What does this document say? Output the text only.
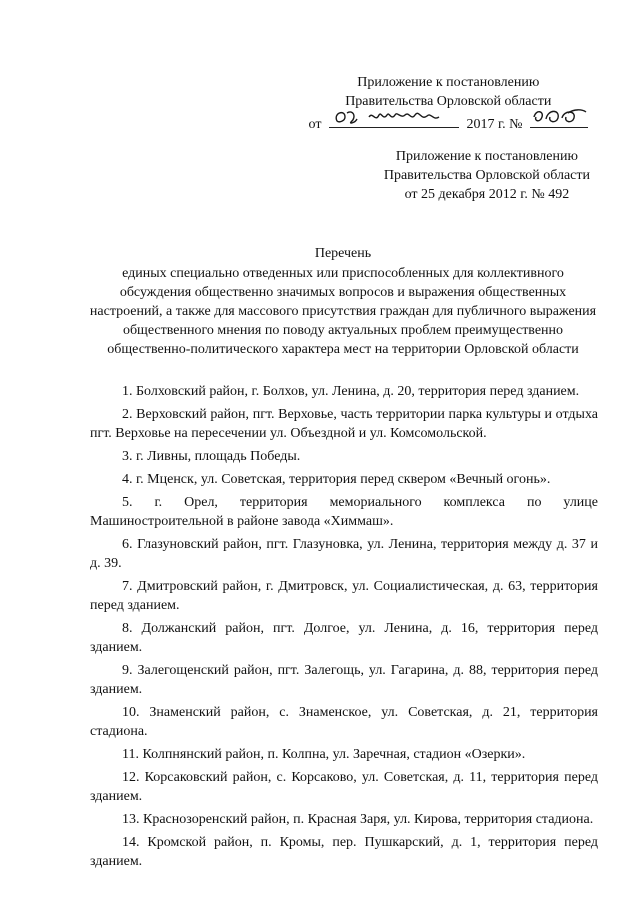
Приложение к постановлению
Правительства Орловской области
от	2017 г. №
Приложение к постановлению
Правительства Орловской области
от 25 декабря 2012 г. № 492
Перечень
единых специально отведенных или приспособленных для коллективного обсуждения общественно значимых вопросов и выражения общественных настроений, а также для массового присутствия граждан для публичного выражения общественного мнения по поводу актуальных проблем преимущественно общественно-политического характера мест на территории Орловской области

1. Болховский район, г. Болхов, ул. Ленина, д. 20, территория перед зданием.

2. Верховский район, пгт. Верховье, часть территории парка культуры и отдыха пгт. Верховье на пересечении ул. Объездной и ул. Комсомольской.

3. г. Ливны, площадь Победы.

4. г. Мценск, ул. Советская, территория перед сквером «Вечный огонь».

5. г. Орел, территория мемориального комплекса по улице Машиностроительной в районе завода «Химмаш».

6. Глазуновский район, пгт. Глазуновка, ул. Ленина, территория между д. 37 и д. 39.

7. Дмитровский район, г. Дмитровск, ул. Социалистическая, д. 63, территория перед зданием.

8. Должанский район, пгт. Долгое, ул. Ленина, д. 16, территория перед зданием.

9. Залегощенский район, пгт. Залегощь, ул. Гагарина, д. 88, территория перед зданием.

10. Знаменский район, с. Знаменское, ул. Советская, д. 21, территория стадиона.

11. Колпнянский район, п. Колпна, ул. Заречная, стадион «Озерки».

12. Корсаковский район, с. Корсаково, ул. Советская, д. 11, территория перед зданием.

13. Краснозоренский район, п. Красная Заря, ул. Кирова, территория стадиона.

14. Кромской район, п. Кромы, пер. Пушкарский, д. 1, территория перед зданием.
